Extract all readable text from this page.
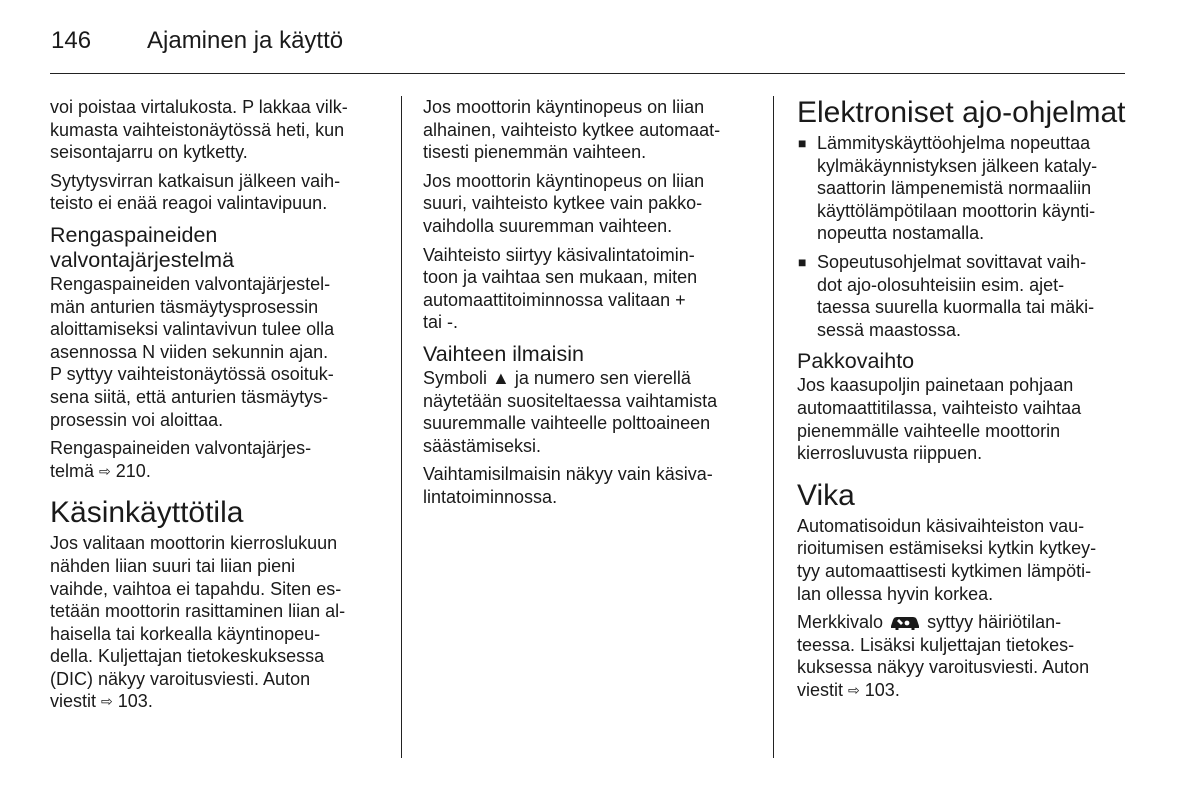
146 Ajaminen ja käyttö

voi poistaa virtalukosta. P lakkaa vilk-
kumasta vaihteistonäytössä heti, kun
seisontajarru on kytketty.

Sytytysvirran katkaisun jälkeen vaih-
teisto ei enää reagoi valintavipuun.

Rengaspaineiden
valvontajärjestelmä

Rengaspaineiden valvontajärjestel-
män anturien täsmäytysprosessin
aloittamiseksi valintavivun tulee olla
asennossa N viiden sekunnin ajan.
P syttyy vaihteistonäytössä osoituk-
sena siitä, että anturien täsmäytys-
prosessin voi aloittaa.

Rengaspaineiden valvontajärjes-
telmä ⇨ 210.

Käsinkäyttötila

Jos valitaan moottorin kierroslukuun
nähden liian suuri tai liian pieni
vaihde, vaihtoa ei tapahdu. Siten es-
tetään moottorin rasittaminen liian al-
haisella tai korkealla käyntinopeu-
della. Kuljettajan tietokeskuksessa
(DIC) näkyy varoitusviesti. Auton
viestit ⇨ 103.

Jos moottorin käyntinopeus on liian
alhainen, vaihteisto kytkee automaat-
tisesti pienemmän vaihteen.

Jos moottorin käyntinopeus on liian
suuri, vaihteisto kytkee vain pakko-
vaihdolla suuremman vaihteen.

Vaihteisto siirtyy käsivalintatoimin-
toon ja vaihtaa sen mukaan, miten
automaattitoiminnossa valitaan +
tai -.

Vaihteen ilmaisin

Symboli ▲ ja numero sen vierellä
näytetään suositeltaessa vaihtamista
suuremmalle vaihteelle polttoaineen
säästämiseksi.

Vaihtamisilmaisin näkyy vain käsiva-
lintatoiminnossa.

Elektroniset ajo-ohjelmat
■ Lämmityskäyttöohjelma nopeuttaa
kylmäkäynnistyksen jälkeen kataly-
saattorin lämpenemistä normaaliin
käyttölämpötilaan moottorin käynti-
nopeutta nostamalla.
■ Sopeutusohjelmat sovittavat vaih-
dot ajo-olosuhteisiin esim. ajet-
taessa suurella kuormalla tai mäki-
sessä maastossa.
Pakkovaihto

Jos kaasupoljin painetaan pohjaan
automaattitilassa, vaihteisto vaihtaa
pienemmälle vaihteelle moottorin
kierrosluvusta riippuen.

Vika

Automatisoidun käsivaihteiston vau-
rioitumisen estämiseksi kytkin kytkey-
tyy automaattisesti kytkimen lämpöti-
lan ollessa hyvin korkea.

Merkkivalo syttyy häiriötilan-
teessa. Lisäksi kuljettajan tietokes-
kuksessa näkyy varoitusviesti. Auton
viestit ⇨ 103.
